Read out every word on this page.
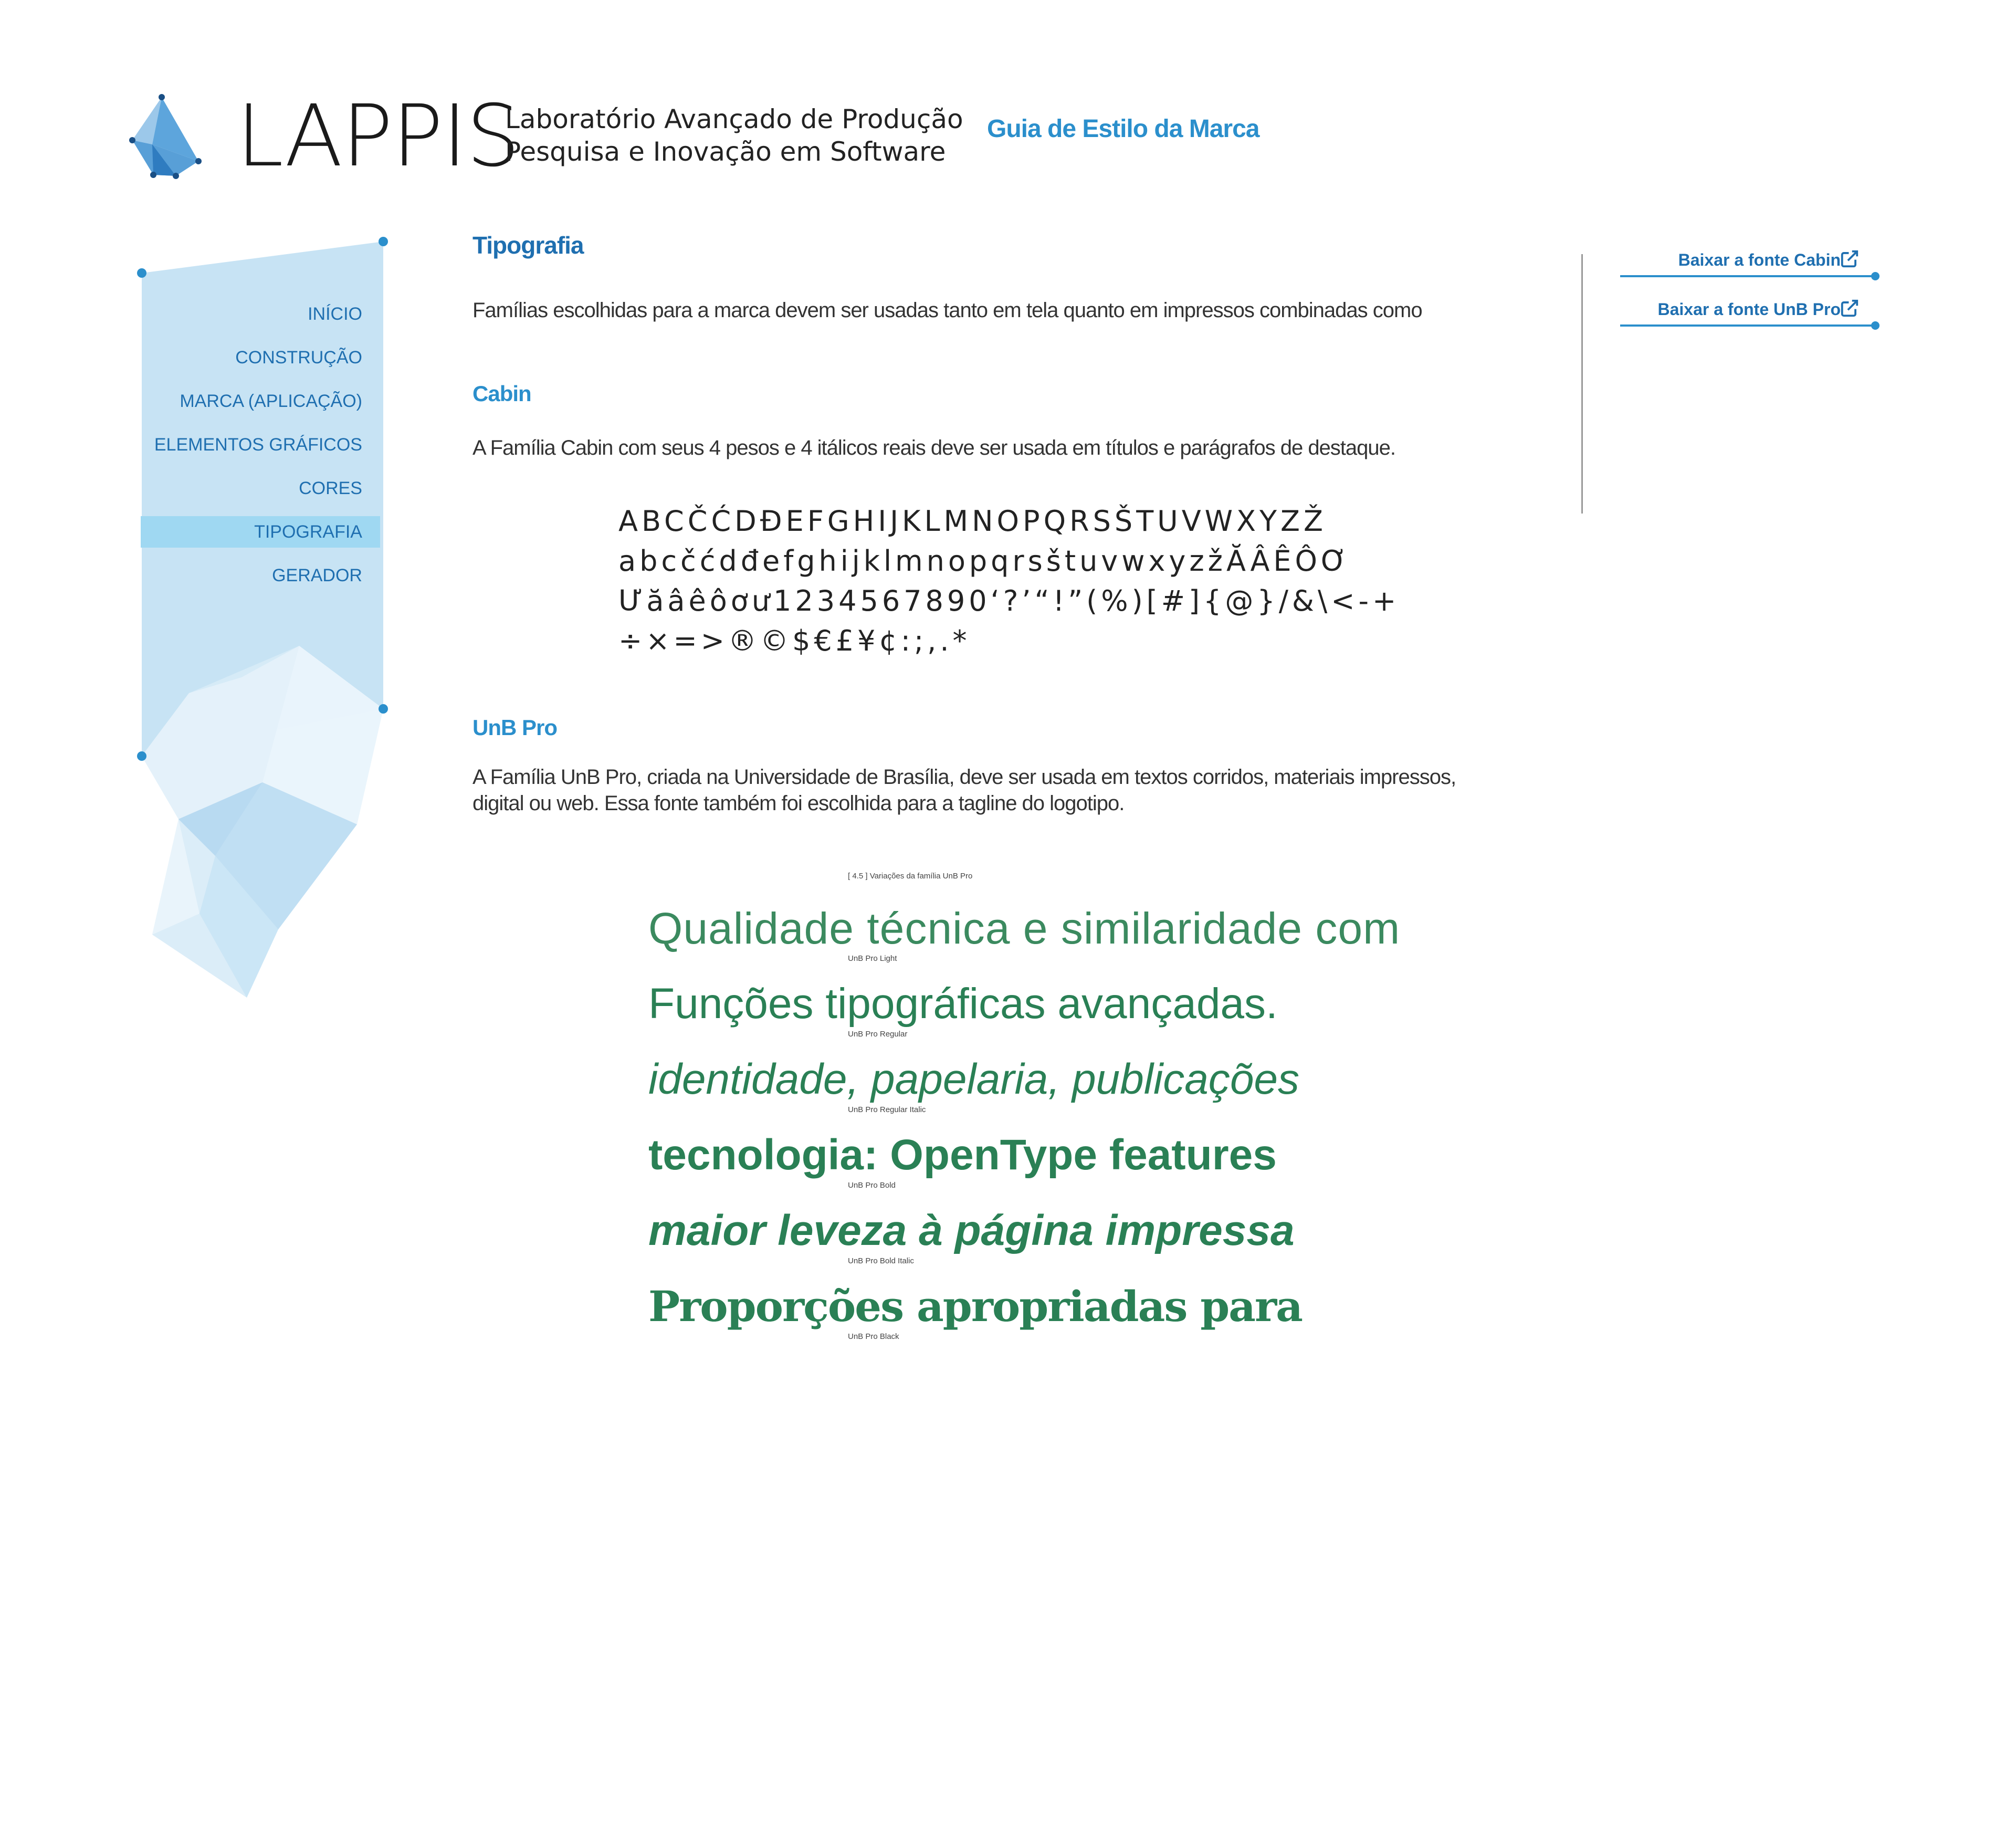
LAPPIS
Laboratório Avançado de Produção
Pesquisa e Inovação em Software
Guia de Estilo da Marca
INÍCIO
CONSTRUÇÃO
MARCA (APLICAÇÃO)
ELEMENTOS GRÁFICOS
CORES
TIPOGRAFIA
GERADOR
Tipografia
Famílias escolhidas para a marca devem ser usadas tanto em tela quanto em impressos combinadas como
Cabin
A Família Cabin com seus 4 pesos e 4 itálicos reais deve ser usada em títulos e parágrafos de destaque.
ABCČĆDĐEFGHIJKLMNOPQRSŠTUVWXYZŽ
abcčćdđefghijklmnopqrsštuvwxyzžĂÂÊÔƠ
Ưăâêôơư1234567890‘?’“!”(%)[#]{@}/&\<-+
÷×=>®©$€£¥¢:;,.*
UnB Pro
A Família UnB Pro, criada na Universidade de Brasília, deve ser usada em textos corridos, materiais impressos,
digital ou web. Essa fonte também foi escolhida para a tagline do logotipo.
[ 4.5 ] Variações da família UnB Pro
Qualidade técnica e similaridade com
UnB Pro Light
Funções tipográficas avançadas.
UnB Pro Regular
identidade, papelaria, publicações
UnB Pro Regular Italic
tecnologia: OpenType features
UnB Pro Bold
maior leveza à página impressa
UnB Pro Bold Italic
Proporções apropriadas para
UnB Pro Black
Baixar a fonte Cabin
Baixar a fonte UnB Pro
